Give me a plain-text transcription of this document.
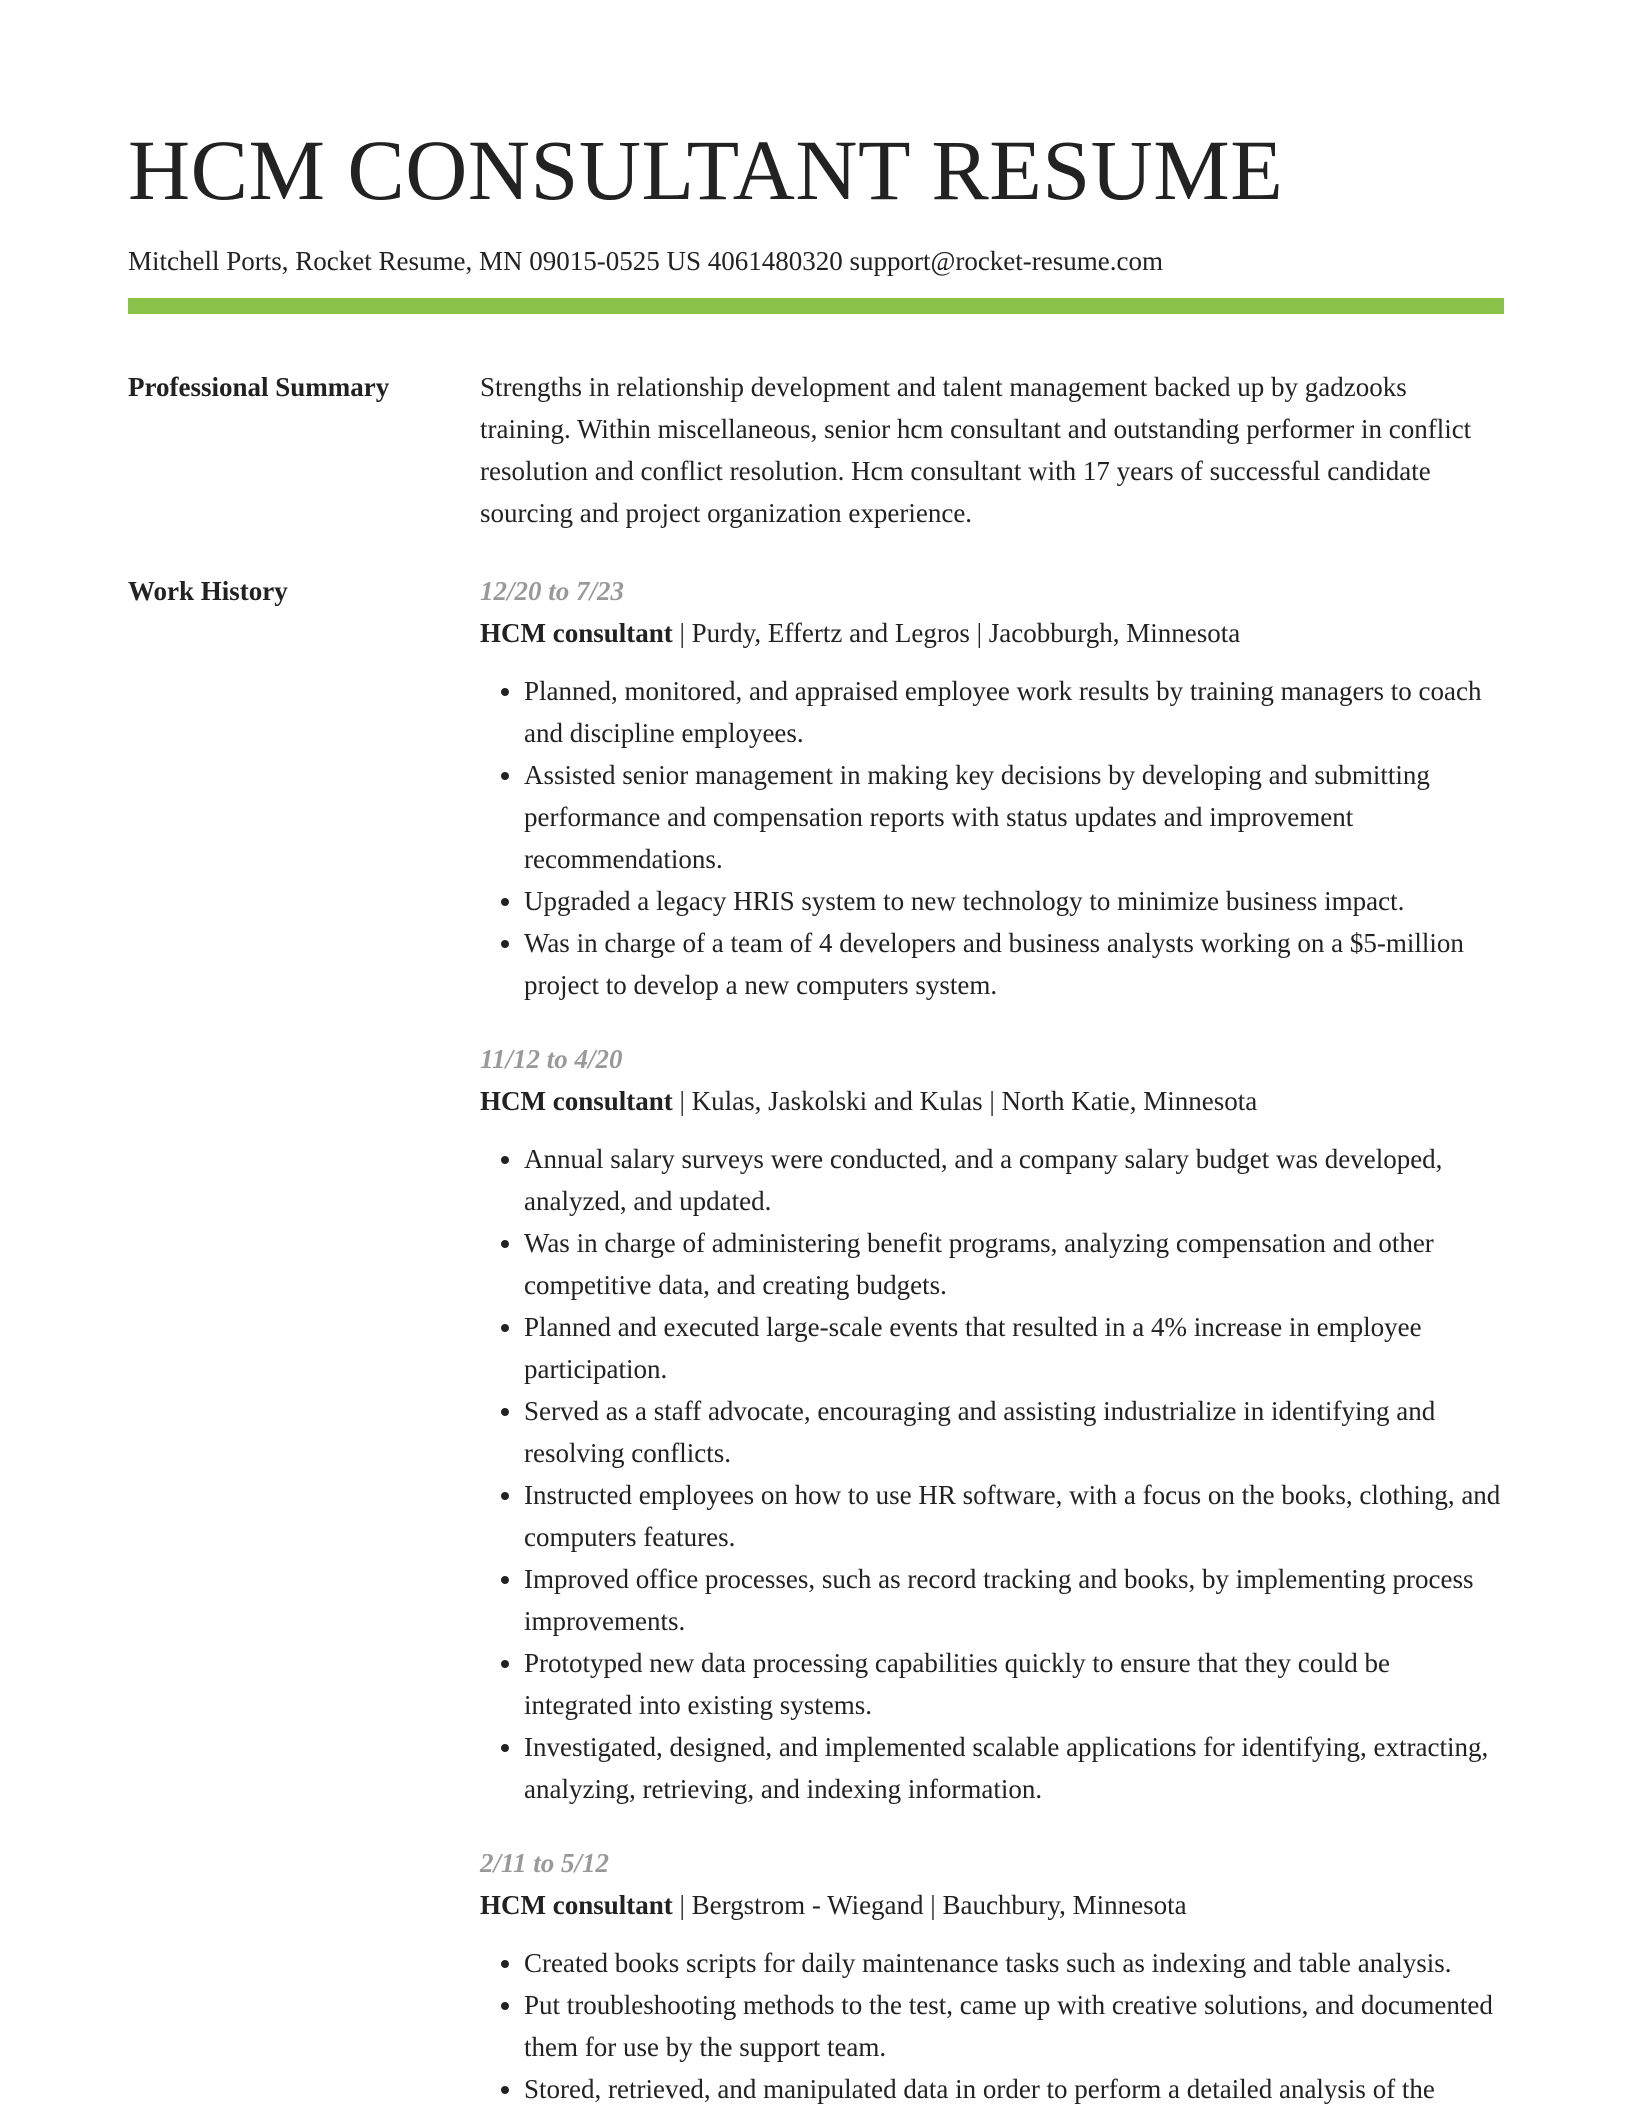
HCM CONSULTANT RESUME
Mitchell Ports, Rocket Resume, MN 09015-0525 US 4061480320 support@rocket-resume.com
Professional Summary	Strengths in relationship development and talent management backed up by gadzooks training. Within miscellaneous, senior hcm consultant and outstanding performer in conflict resolution and conflict resolution. Hcm consultant with 17 years of successful candidate sourcing and project organization experience.

Work History	12/20 to 7/23
HCM consultant | Purdy, Effertz and Legros | Jacobburgh, Minnesota
• Planned, monitored, and appraised employee work results by training managers to coach and discipline employees.
• Assisted senior management in making key decisions by developing and submitting performance and compensation reports with status updates and improvement recommendations.
• Upgraded a legacy HRIS system to new technology to minimize business impact.
• Was in charge of a team of 4 developers and business analysts working on a $5-million project to develop a new computers system.
11/12 to 4/20
HCM consultant | Kulas, Jaskolski and Kulas | North Katie, Minnesota
• Annual salary surveys were conducted, and a company salary budget was developed, analyzed, and updated.
• Was in charge of administering benefit programs, analyzing compensation and other competitive data, and creating budgets.
• Planned and executed large-scale events that resulted in a 4% increase in employee participation.
• Served as a staff advocate, encouraging and assisting industrialize in identifying and resolving conflicts.
• Instructed employees on how to use HR software, with a focus on the books, clothing, and computers features.
• Improved office processes, such as record tracking and books, by implementing process improvements.
• Prototyped new data processing capabilities quickly to ensure that they could be integrated into existing systems.
• Investigated, designed, and implemented scalable applications for identifying, extracting, analyzing, retrieving, and indexing information.
2/11 to 5/12
HCM consultant | Bergstrom - Wiegand | Bauchbury, Minnesota
• Created books scripts for daily maintenance tasks such as indexing and table analysis.
• Put troubleshooting methods to the test, came up with creative solutions, and documented them for use by the support team.
• Stored, retrieved, and manipulated data in order to perform a detailed analysis of the
